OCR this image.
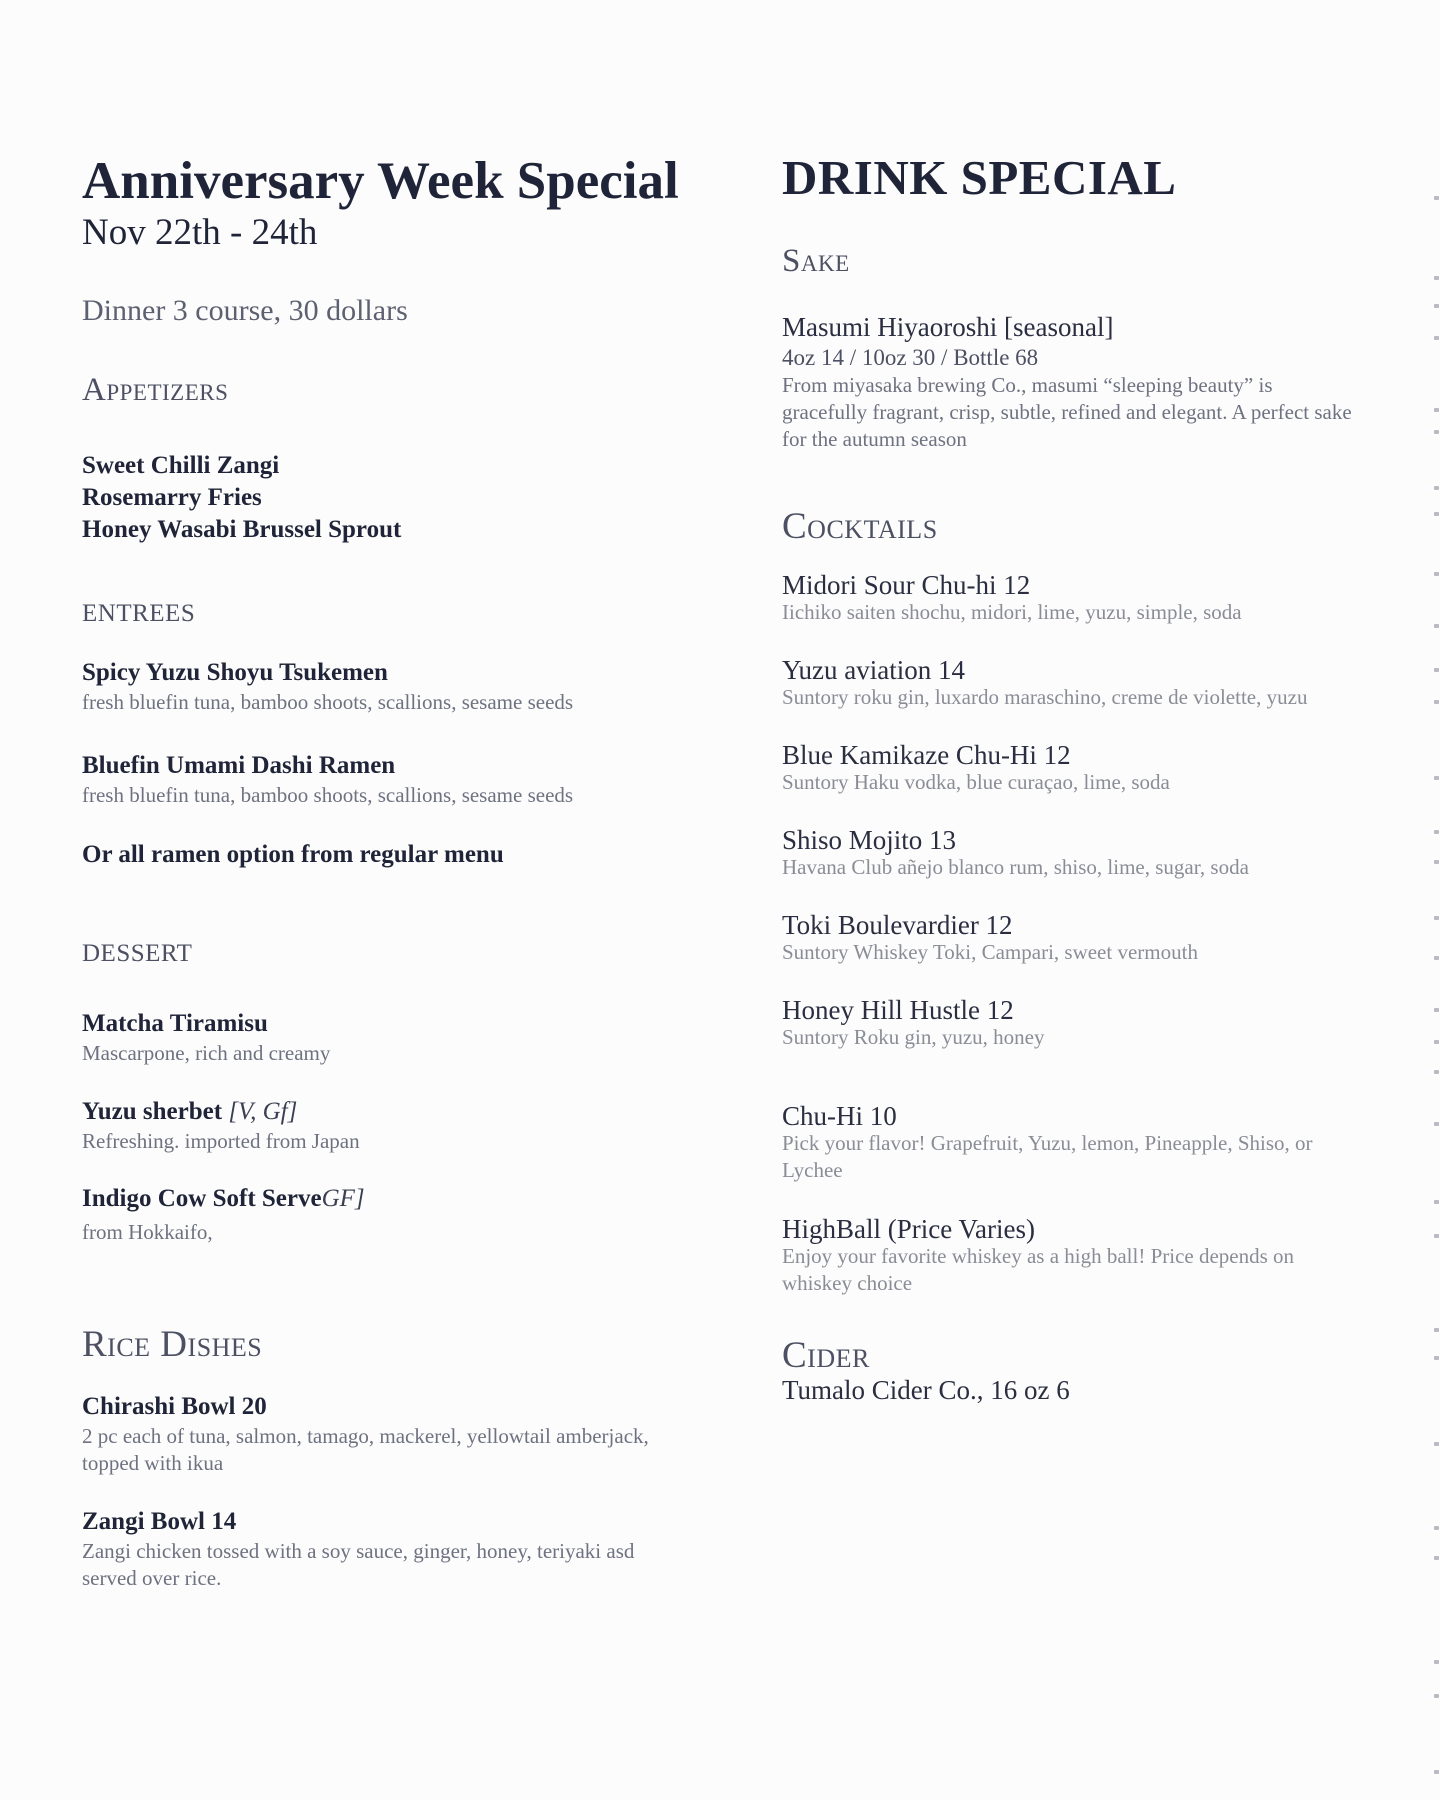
Anniversary Week Special
Nov 22th - 24th
Dinner 3 course, 30 dollars
Appetizers
Sweet Chilli Zangi
Rosemarry Fries
Honey Wasabi Brussel Sprout
ENTREES
Spicy Yuzu Shoyu Tsukemen
fresh bluefin tuna, bamboo shoots, scallions, sesame seeds
Bluefin Umami Dashi Ramen
fresh bluefin tuna, bamboo shoots, scallions, sesame seeds
Or all ramen option from regular menu
DESSERT
Matcha Tiramisu
Mascarpone, rich and creamy
Yuzu sherbet [V, Gf]
Refreshing. imported from Japan
Indigo Cow Soft ServeGF]
from Hokkaifo,
Rice Dishes
Chirashi Bowl 20
2 pc each of tuna, salmon, tamago, mackerel, yellowtail amberjack, topped with ikua
Zangi Bowl 14
Zangi chicken tossed with a soy sauce, ginger, honey, teriyaki asd served over rice.
DRINK SPECIAL
Sake
Masumi Hiyaoroshi [seasonal]
4oz 14 / 10oz 30 / Bottle 68
From miyasaka brewing Co., masumi “sleeping beauty” is gracefully fragrant, crisp, subtle, refined and elegant. A perfect sake for the autumn season
Cocktails
Midori Sour Chu-hi 12
Iichiko saiten shochu, midori, lime, yuzu, simple, soda
Yuzu aviation 14
Suntory roku gin, luxardo maraschino, creme de violette, yuzu
Blue Kamikaze Chu-Hi 12
Suntory Haku vodka, blue curaçao, lime, soda
Shiso Mojito 13
Havana Club añejo blanco rum, shiso, lime, sugar, soda
Toki Boulevardier 12
Suntory Whiskey Toki, Campari, sweet vermouth
Honey Hill Hustle 12
Suntory Roku gin, yuzu, honey
Chu-Hi 10
Pick your flavor! Grapefruit, Yuzu, lemon, Pineapple, Shiso, or Lychee
HighBall (Price Varies)
Enjoy your favorite whiskey as a high ball! Price depends on whiskey choice
Cider
Tumalo Cider Co., 16 oz 6
